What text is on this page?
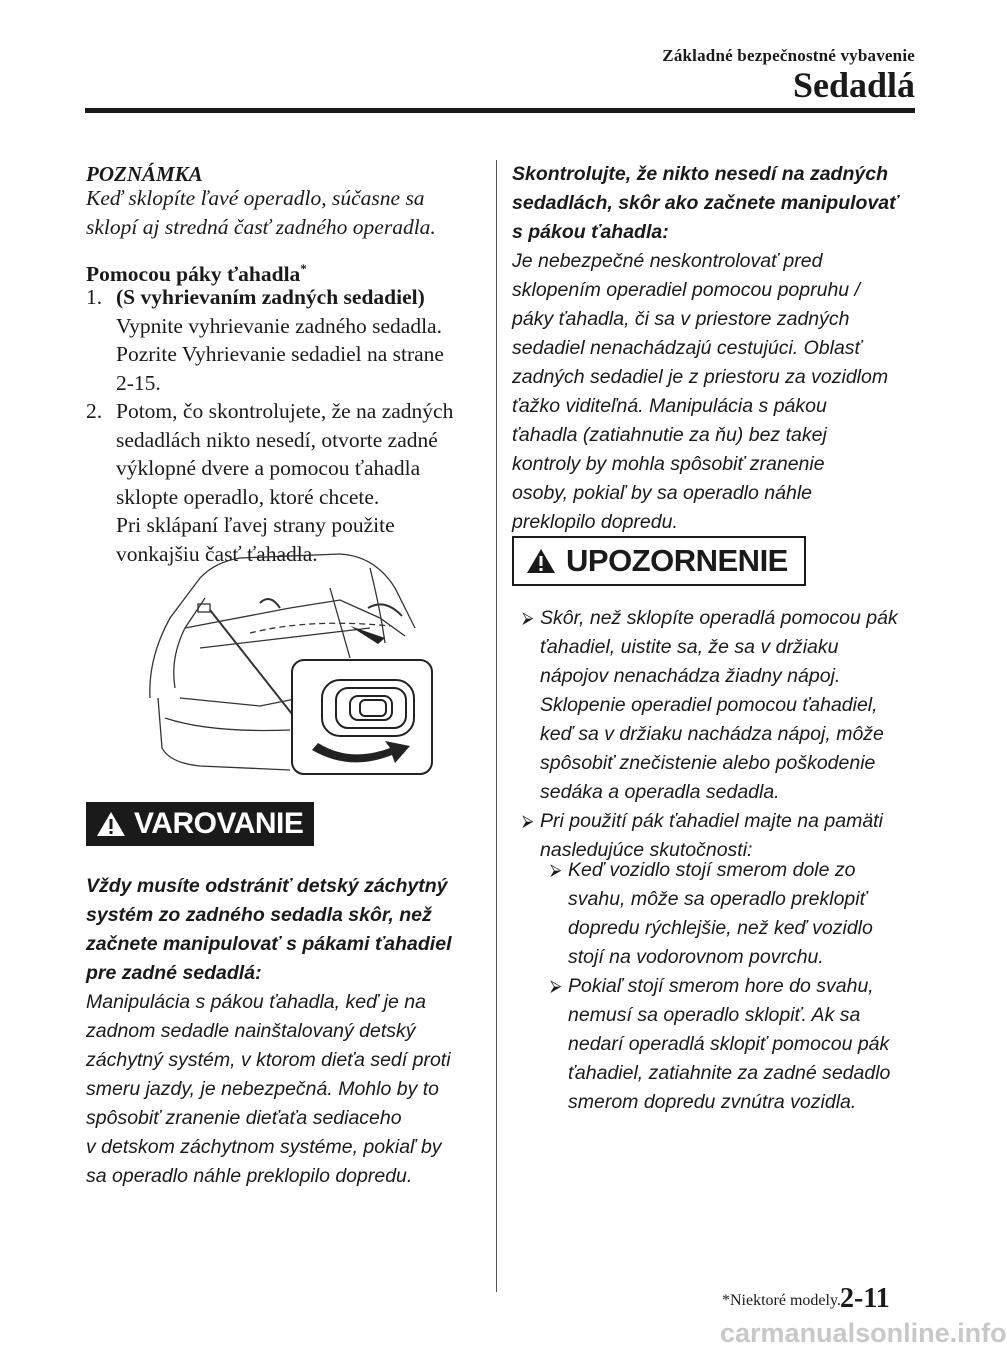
Základné bezpečnostné vybavenie
Sedadlá
POZNÁMKA
Keď sklopíte ľavé operadlo, súčasne sa
sklopí aj stredná časť zadného operadla.
Pomocou páky ťahadla*
1. (S vyhrievaním zadných sedadiel)
Vypnite vyhrievanie zadného sedadla.
Pozrite Vyhrievanie sedadiel na strane
2-15.
2. Potom, čo skontrolujete, že na zadných
sedadlách nikto nesedí, otvorte zadné
výklopné dvere a pomocou ťahadla
sklopte operadlo, ktoré chcete.
Pri sklápaní ľavej strany použite
vonkajšiu časť ťahadla.
VAROVANIE
Vždy musíte odstrániť detský záchytný
systém zo zadného sedadla skôr, než
začnete manipulovať s pákami ťahadiel
pre zadné sedadlá:
Manipulácia s pákou ťahadla, keď je na
zadnom sedadle nainštalovaný detský
záchytný systém, v ktorom dieťa sedí proti
smeru jazdy, je nebezpečná. Mohlo by to
spôsobiť zranenie dieťaťa sediaceho
v detskom záchytnom systéme, pokiaľ by
sa operadlo náhle preklopilo dopredu.
Skontrolujte, že nikto nesedí na zadných
sedadlách, skôr ako začnete manipulovať
s pákou ťahadla:
Je nebezpečné neskontrolovať pred
sklopením operadiel pomocou popruhu /
páky ťahadla, či sa v priestore zadných
sedadiel nenachádzajú cestujúci. Oblasť
zadných sedadiel je z priestoru za vozidlom
ťažko viditeľná. Manipulácia s pákou
ťahadla (zatiahnutie za ňu) bez takej
kontroly by mohla spôsobiť zranenie
osoby, pokiaľ by sa operadlo náhle
preklopilo dopredu.
UPOZORNENIE
⮚ Skôr, než sklopíte operadlá pomocou pák
ťahadiel, uistite sa, že sa v držiaku
nápojov nenachádza žiadny nápoj.
Sklopenie operadiel pomocou ťahadiel,
keď sa v držiaku nachádza nápoj, môže
spôsobiť znečistenie alebo poškodenie
sedáka a operadla sedadla.
⮚ Pri použití pák ťahadiel majte na pamäti
nasledujúce skutočnosti:
⮚ Keď vozidlo stojí smerom dole zo
svahu, môže sa operadlo preklopiť
dopredu rýchlejšie, než keď vozidlo
stojí na vodorovnom povrchu.
⮚ Pokiaľ stojí smerom hore do svahu,
nemusí sa operadlo sklopiť. Ak sa
nedarí operadlá sklopiť pomocou pák
ťahadiel, zatiahnite za zadné sedadlo
smerom dopredu zvnútra vozidla.
*Niektoré modely. 2-11
carmanualsonline.info
